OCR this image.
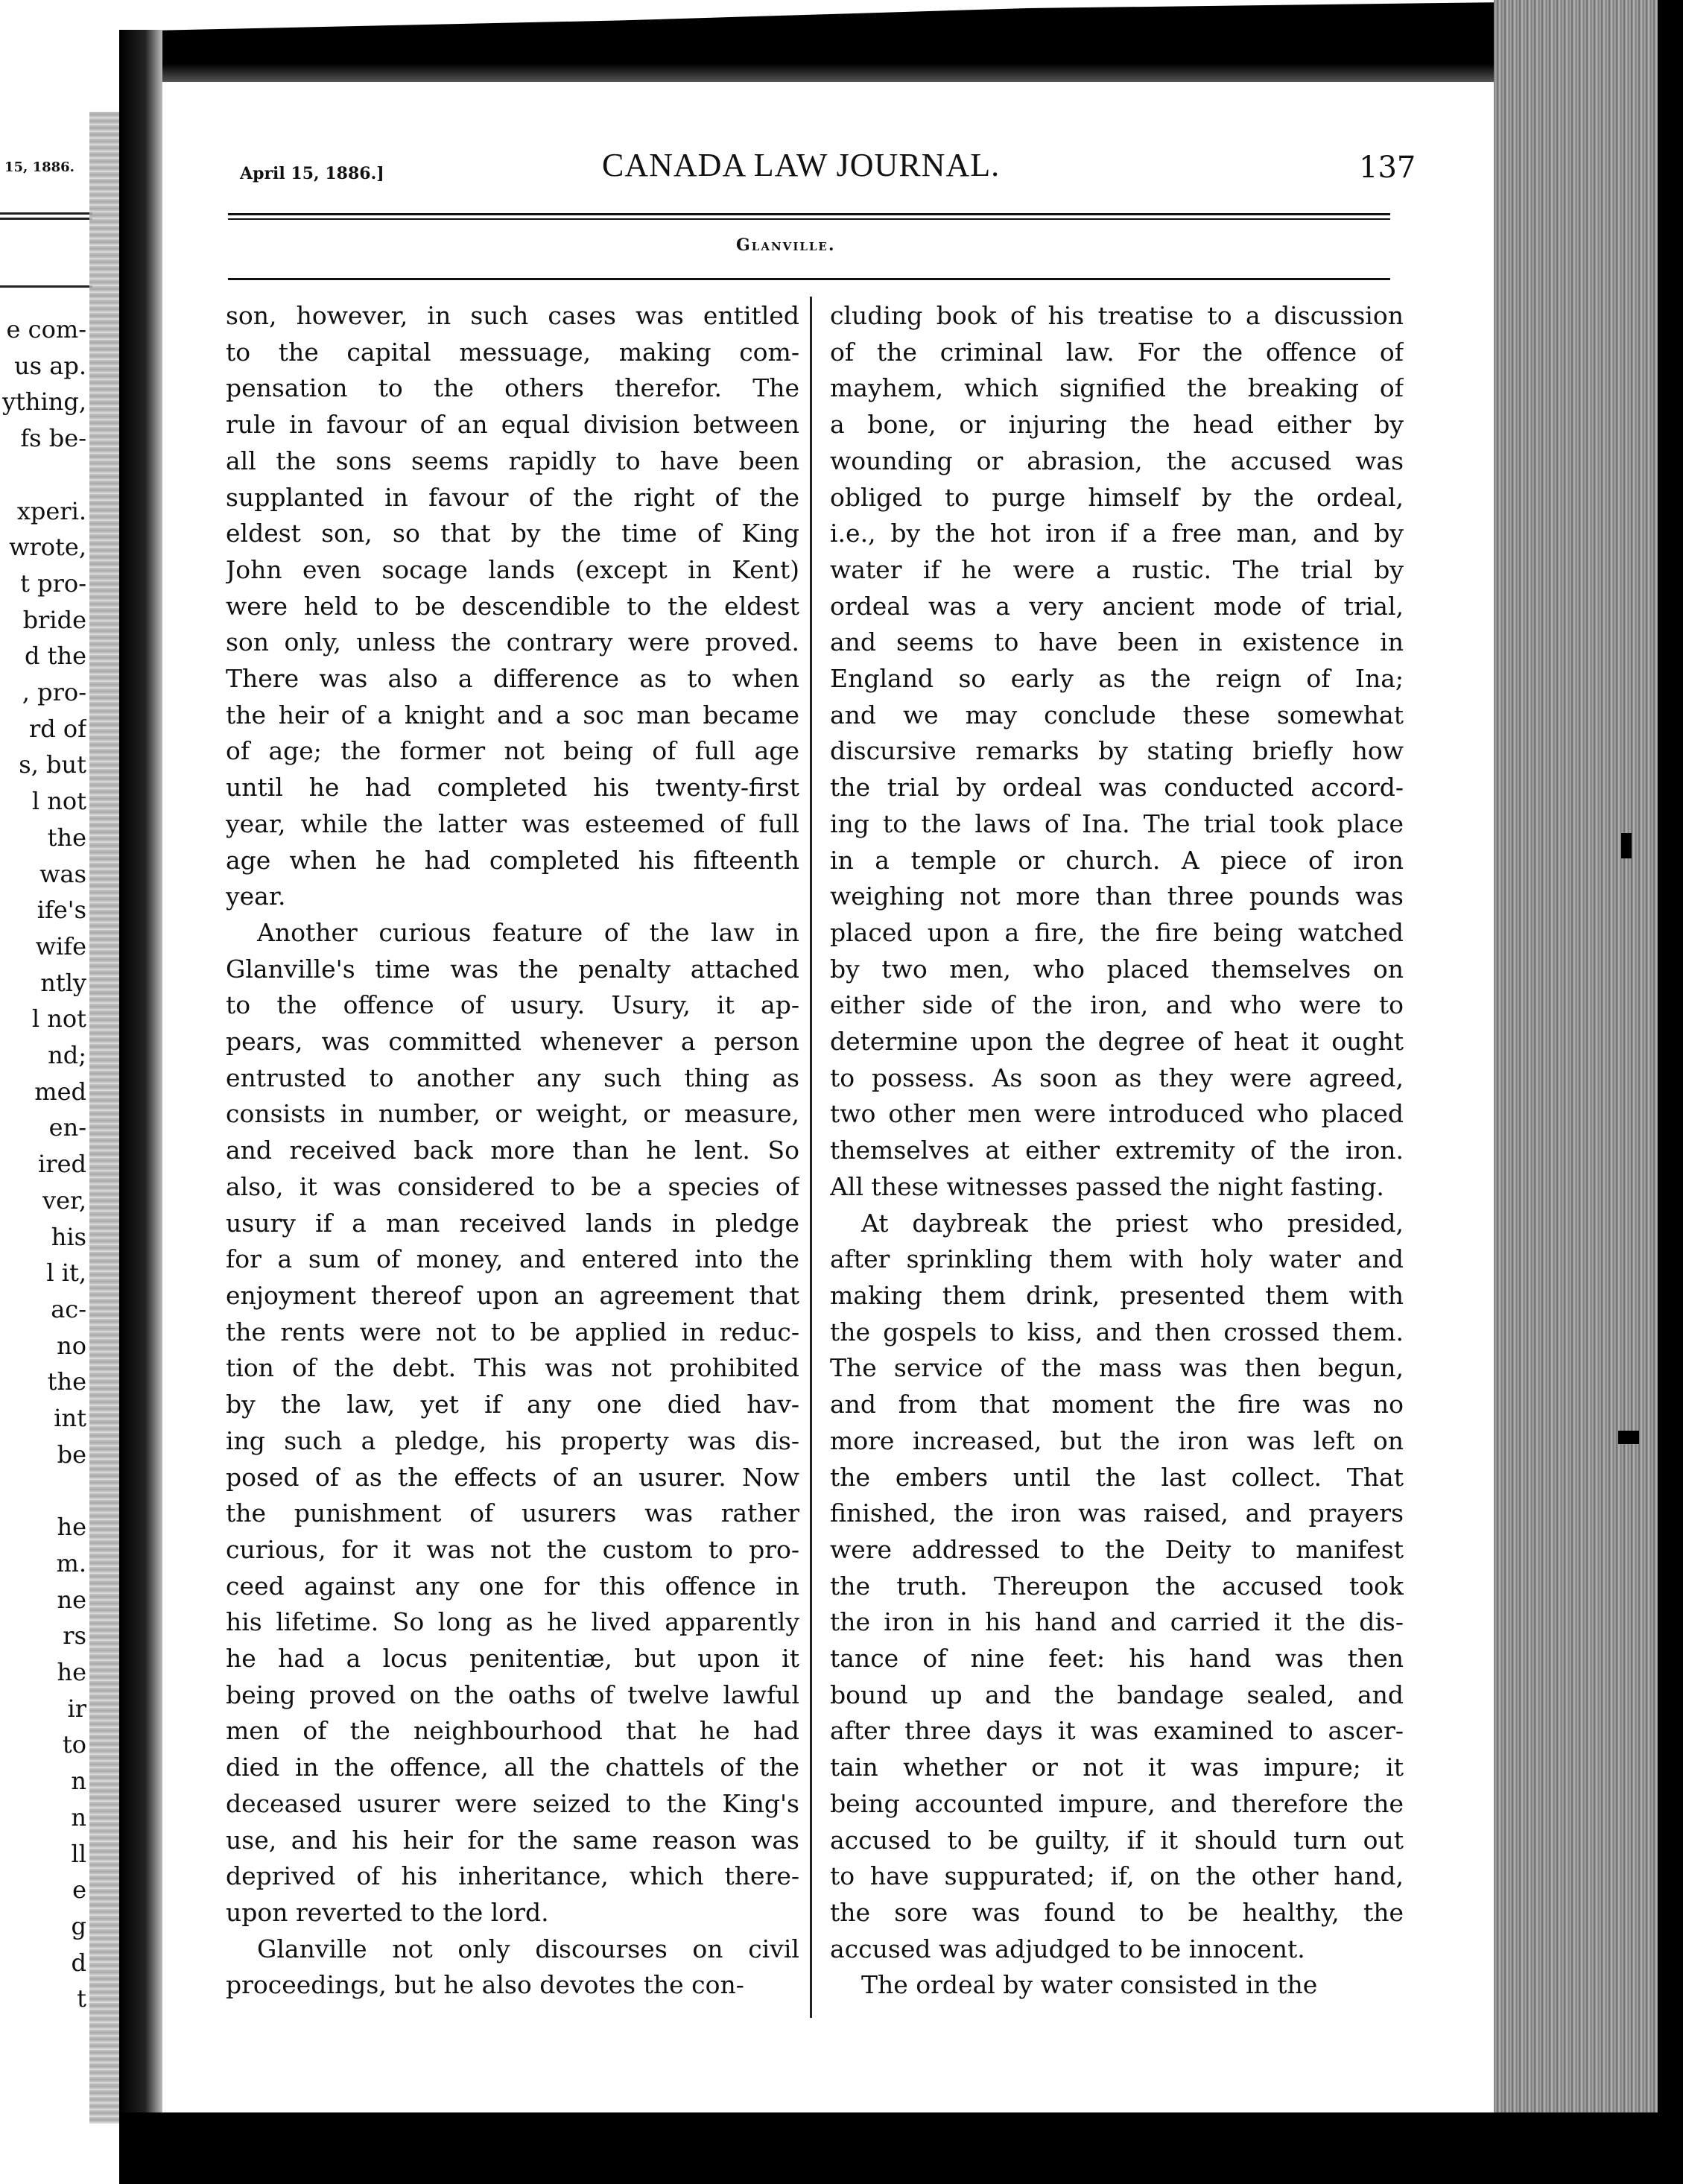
15, 1886.
e com-
us ap.
ything,
fs be-

xperi.
wrote,
t pro-
bride
d the
, pro-
rd of
s, but
l not
the
was
ife's
wife
ntly
l not
nd;
med
en-
ired
ver,
his
l it,
ac-
no
the
int
be

he
m.
ne
rs
he
ir
to
n
n
ll
e
g
d
t
April 15, 1886.]	CANADA LAW JOURNAL.	137
Glanville.
son, however, in such cases was entitled
to the capital messuage, making com-
pensation to the others therefor. The
rule in favour of an equal division between
all the sons seems rapidly to have been
supplanted in favour of the right of the
eldest son, so that by the time of King
John even socage lands (except in Kent)
were held to be descendible to the eldest
son only, unless the contrary were proved.
There was also a difference as to when
the heir of a knight and a soc man became
of age; the former not being of full age
until he had completed his twenty-first
year, while the latter was esteemed of full
age when he had completed his fifteenth
year.
Another curious feature of the law in
Glanville's time was the penalty attached
to the offence of usury. Usury, it ap-
pears, was committed whenever a person
entrusted to another any such thing as
consists in number, or weight, or measure,
and received back more than he lent. So
also, it was considered to be a species of
usury if a man received lands in pledge
for a sum of money, and entered into the
enjoyment thereof upon an agreement that
the rents were not to be applied in reduc-
tion of the debt. This was not prohibited
by the law, yet if any one died hav-
ing such a pledge, his property was dis-
posed of as the effects of an usurer. Now
the punishment of usurers was rather
curious, for it was not the custom to pro-
ceed against any one for this offence in
his lifetime. So long as he lived apparently
he had a locus penitentiæ, but upon it
being proved on the oaths of twelve lawful
men of the neighbourhood that he had
died in the offence, all the chattels of the
deceased usurer were seized to the King's
use, and his heir for the same reason was
deprived of his inheritance, which there-
upon reverted to the lord.
Glanville not only discourses on civil
proceedings, but he also devotes the con-
cluding book of his treatise to a discussion
of the criminal law. For the offence of
mayhem, which signified the breaking of
a bone, or injuring the head either by
wounding or abrasion, the accused was
obliged to purge himself by the ordeal,
i.e., by the hot iron if a free man, and by
water if he were a rustic. The trial by
ordeal was a very ancient mode of trial,
and seems to have been in existence in
England so early as the reign of Ina;
and we may conclude these somewhat
discursive remarks by stating briefly how
the trial by ordeal was conducted accord-
ing to the laws of Ina. The trial took place
in a temple or church. A piece of iron
weighing not more than three pounds was
placed upon a fire, the fire being watched
by two men, who placed themselves on
either side of the iron, and who were to
determine upon the degree of heat it ought
to possess. As soon as they were agreed,
two other men were introduced who placed
themselves at either extremity of the iron.
All these witnesses passed the night fasting.
At daybreak the priest who presided,
after sprinkling them with holy water and
making them drink, presented them with
the gospels to kiss, and then crossed them.
The service of the mass was then begun,
and from that moment the fire was no
more increased, but the iron was left on
the embers until the last collect. That
finished, the iron was raised, and prayers
were addressed to the Deity to manifest
the truth. Thereupon the accused took
the iron in his hand and carried it the dis-
tance of nine feet: his hand was then
bound up and the bandage sealed, and
after three days it was examined to ascer-
tain whether or not it was impure; it
being accounted impure, and therefore the
accused to be guilty, if it should turn out
to have suppurated; if, on the other hand,
the sore was found to be healthy, the
accused was adjudged to be innocent.
The ordeal by water consisted in the
